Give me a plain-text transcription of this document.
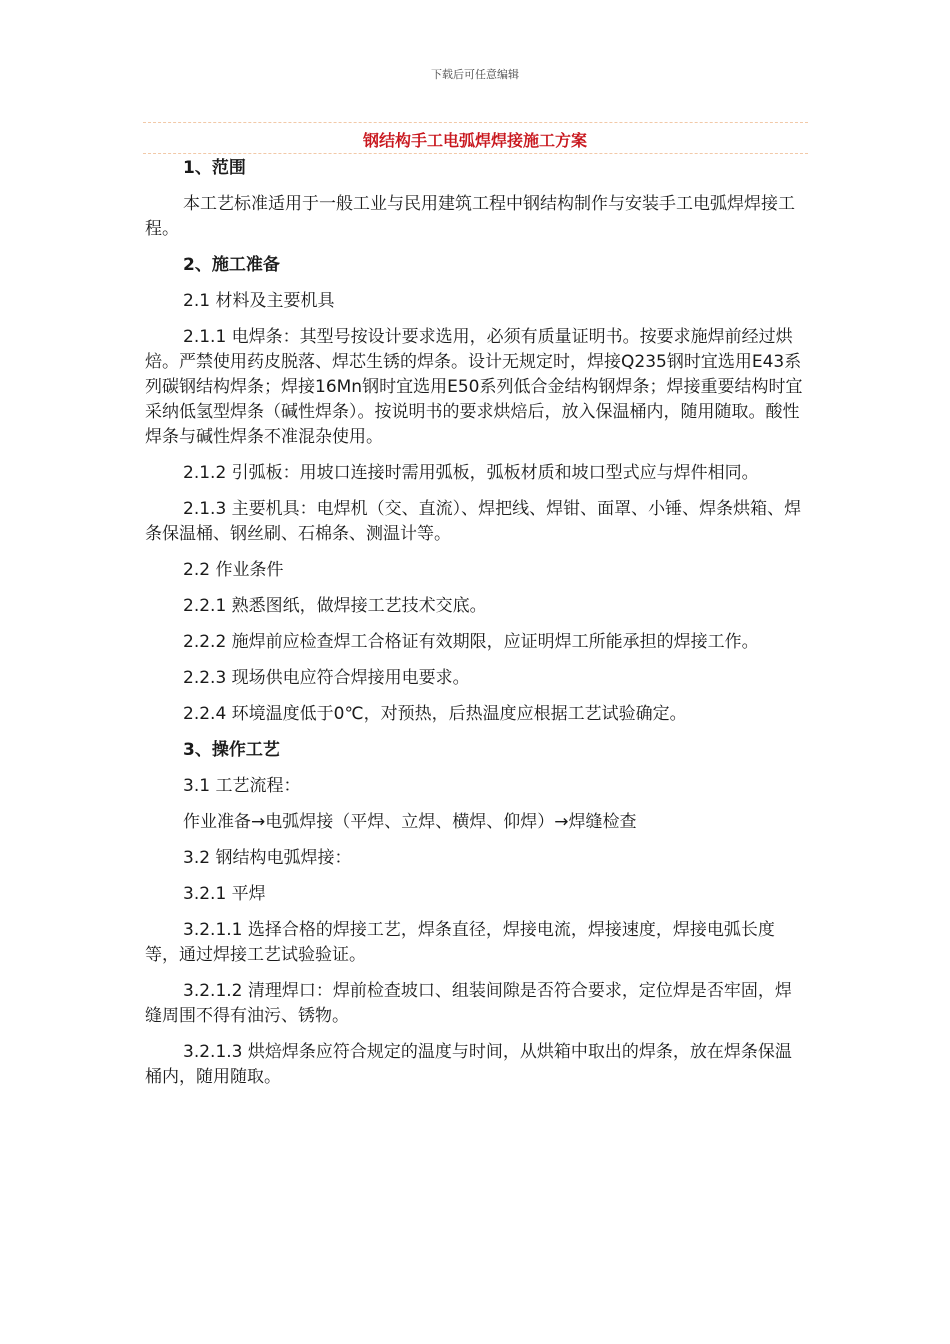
下载后可任意编辑
钢结构手工电弧焊焊接施工方案

1、范围

本工艺标准适用于一般工业与民用建筑工程中钢结构制作与安装手工电弧焊焊接工程。

2、施工准备

2.1 材料及主要机具

2.1.1 电焊条：其型号按设计要求选用，必须有质量证明书。按要求施焊前经过烘焙。严禁使用药皮脱落、焊芯生锈的焊条。设计无规定时，焊接Q235钢时宜选用E43系列碳钢结构焊条；焊接16Mn钢时宜选用E50系列低合金结构钢焊条；焊接重要结构时宜采纳低氢型焊条（碱性焊条）。按说明书的要求烘焙后，放入保温桶内，随用随取。酸性焊条与碱性焊条不准混杂使用。

2.1.2 引弧板：用坡口连接时需用弧板，弧板材质和坡口型式应与焊件相同。

2.1.3 主要机具：电焊机（交、直流）、焊把线、焊钳、面罩、小锤、焊条烘箱、焊条保温桶、钢丝刷、石棉条、测温计等。

2.2 作业条件

2.2.1 熟悉图纸，做焊接工艺技术交底。

2.2.2 施焊前应检查焊工合格证有效期限，应证明焊工所能承担的焊接工作。

2.2.3 现场供电应符合焊接用电要求。

2.2.4 环境温度低于0℃，对预热，后热温度应根据工艺试验确定。

3、操作工艺

3.1 工艺流程：

作业准备→电弧焊接（平焊、立焊、横焊、仰焊）→焊缝检查

3.2 钢结构电弧焊接：

3.2.1 平焊

3.2.1.1 选择合格的焊接工艺，焊条直径，焊接电流，焊接速度，焊接电弧长度等，通过焊接工艺试验验证。

3.2.1.2 清理焊口：焊前检查坡口、组装间隙是否符合要求，定位焊是否牢固，焊缝周围不得有油污、锈物。

3.2.1.3 烘焙焊条应符合规定的温度与时间，从烘箱中取出的焊条，放在焊条保温桶内，随用随取。
